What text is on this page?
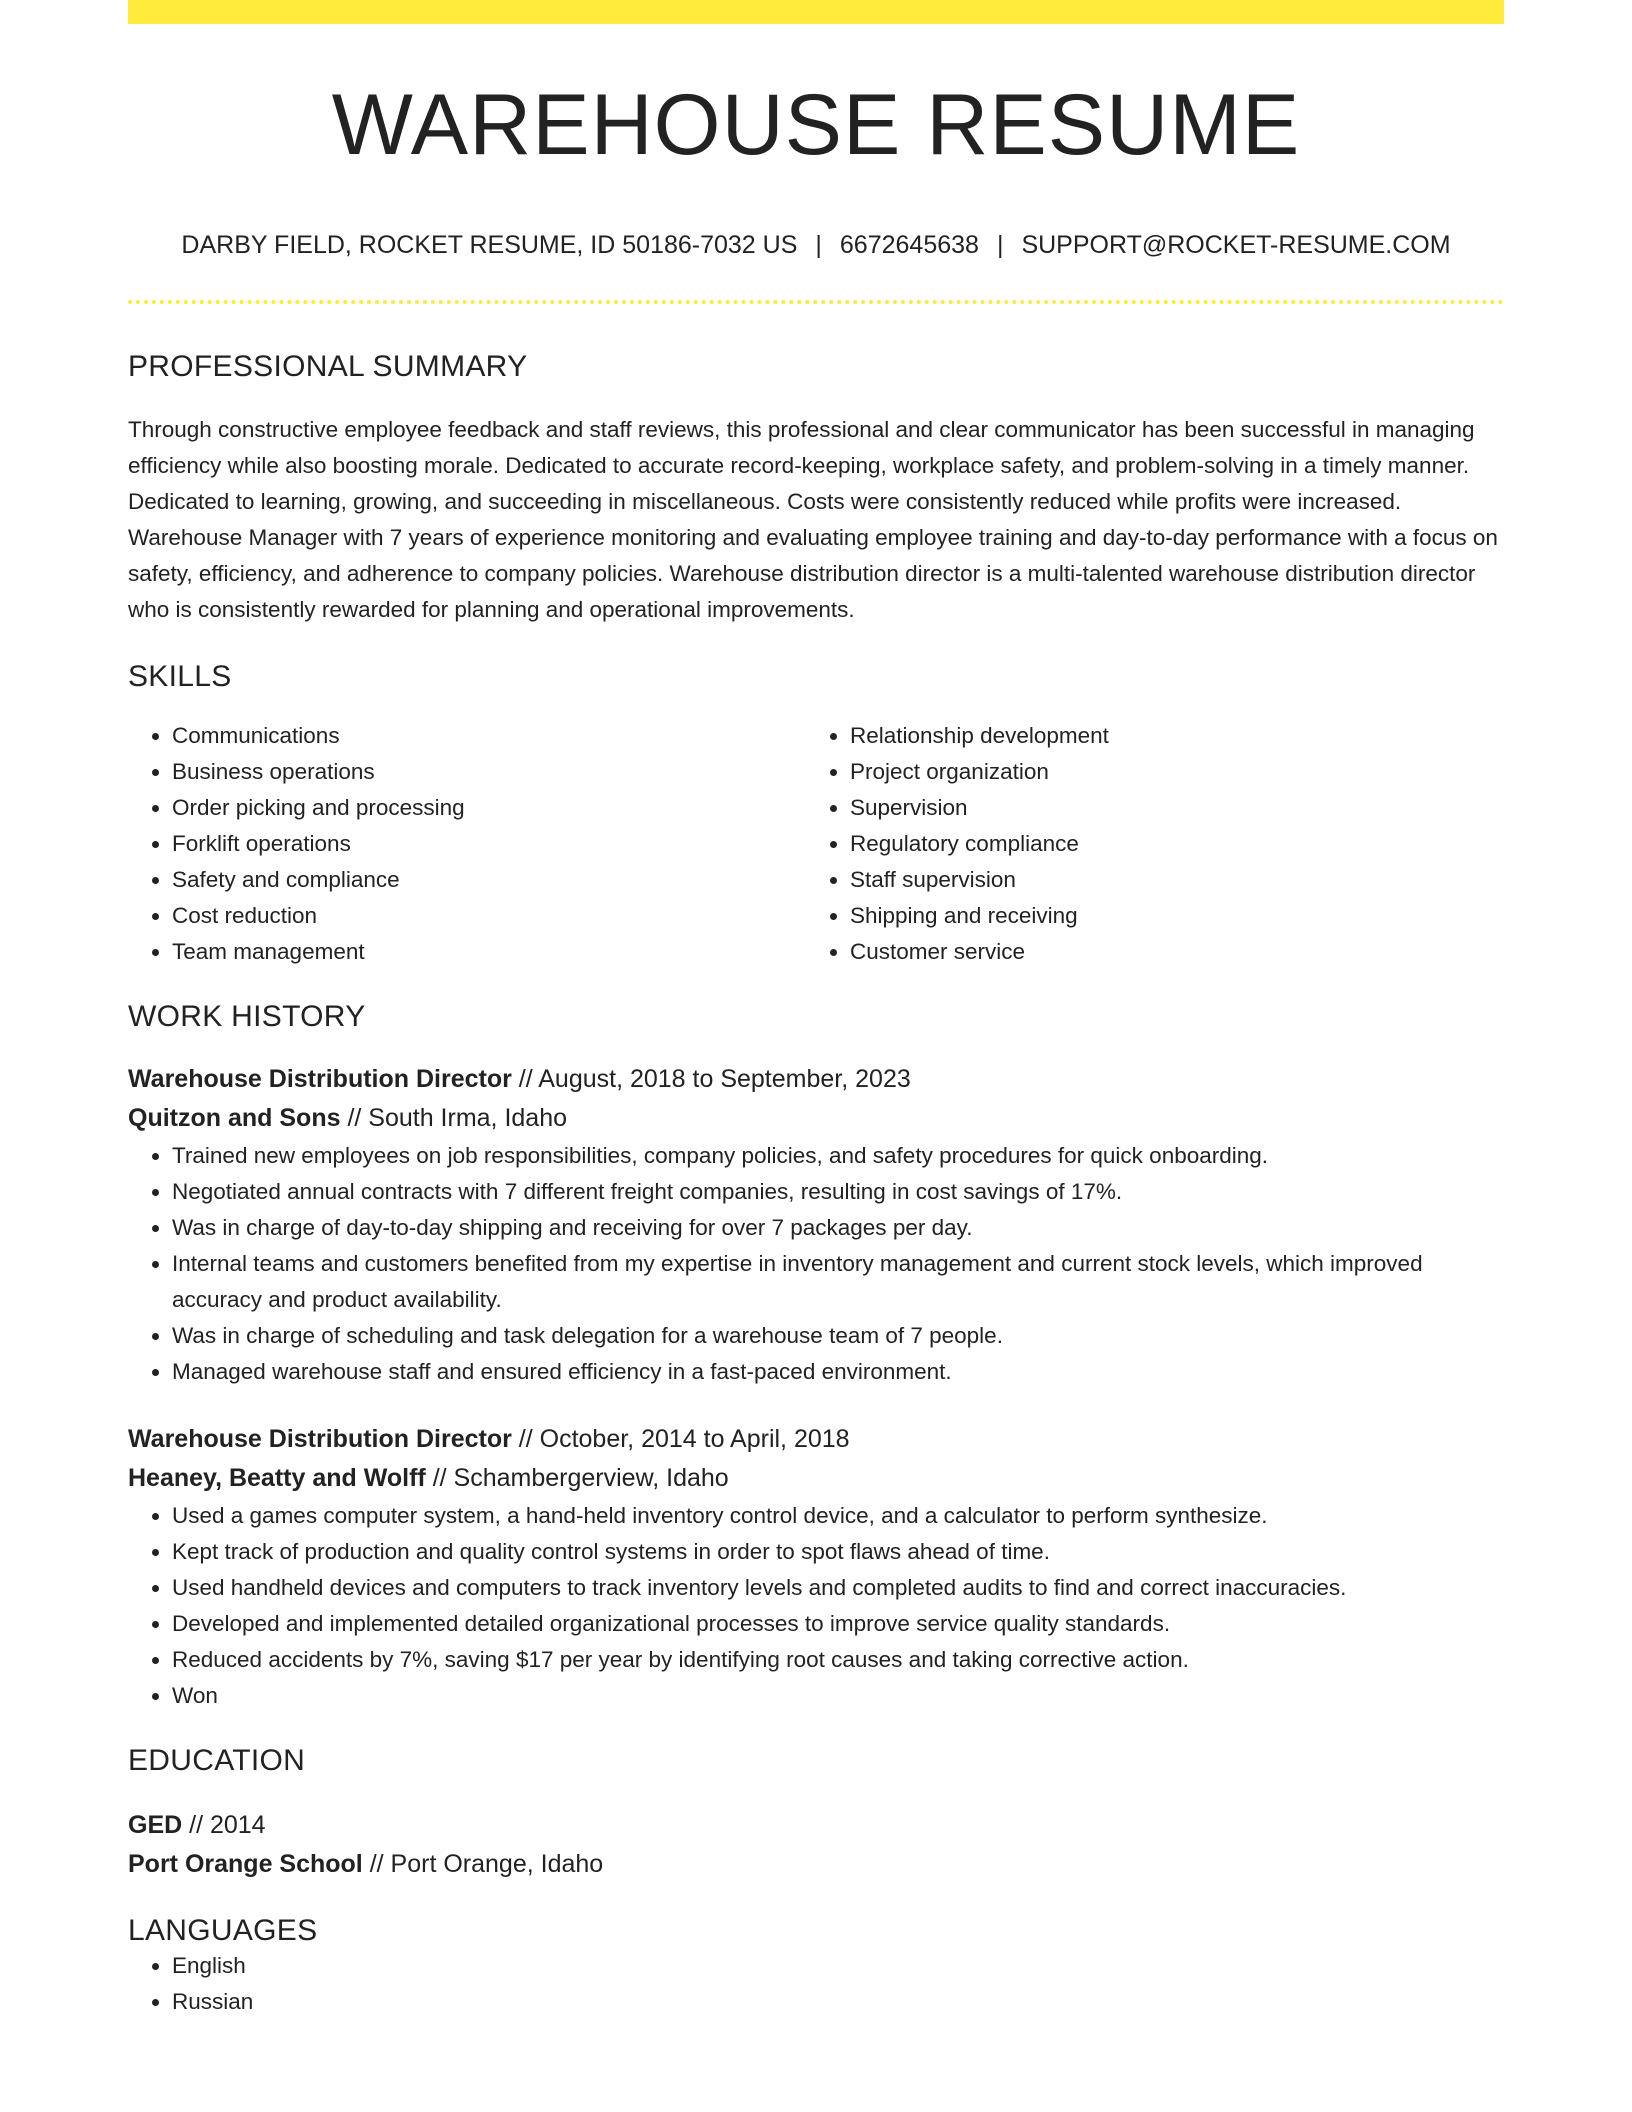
WAREHOUSE RESUME
DARBY FIELD, ROCKET RESUME, ID 50186-7032 US | 6672645638 | SUPPORT@ROCKET-RESUME.COM
PROFESSIONAL SUMMARY
Through constructive employee feedback and staff reviews, this professional and clear communicator has been successful in managing efficiency while also boosting morale. Dedicated to accurate record-keeping, workplace safety, and problem-solving in a timely manner. Dedicated to learning, growing, and succeeding in miscellaneous. Costs were consistently reduced while profits were increased. Warehouse Manager with 7 years of experience monitoring and evaluating employee training and day-to-day performance with a focus on safety, efficiency, and adherence to company policies. Warehouse distribution director is a multi-talented warehouse distribution director who is consistently rewarded for planning and operational improvements.
SKILLS
• Communications
• Business operations
• Order picking and processing
• Forklift operations
• Safety and compliance
• Cost reduction
• Team management
• Relationship development
• Project organization
• Supervision
• Regulatory compliance
• Staff supervision
• Shipping and receiving
• Customer service
WORK HISTORY
Warehouse Distribution Director // August, 2018 to September, 2023
Quitzon and Sons // South Irma, Idaho
• Trained new employees on job responsibilities, company policies, and safety procedures for quick onboarding.
• Negotiated annual contracts with 7 different freight companies, resulting in cost savings of 17%.
• Was in charge of day-to-day shipping and receiving for over 7 packages per day.
• Internal teams and customers benefited from my expertise in inventory management and current stock levels, which improved accuracy and product availability.
• Was in charge of scheduling and task delegation for a warehouse team of 7 people.
• Managed warehouse staff and ensured efficiency in a fast-paced environment.
Warehouse Distribution Director // October, 2014 to April, 2018
Heaney, Beatty and Wolff // Schambergerview, Idaho
• Used a games computer system, a hand-held inventory control device, and a calculator to perform synthesize.
• Kept track of production and quality control systems in order to spot flaws ahead of time.
• Used handheld devices and computers to track inventory levels and completed audits to find and correct inaccuracies.
• Developed and implemented detailed organizational processes to improve service quality standards.
• Reduced accidents by 7%, saving $17 per year by identifying root causes and taking corrective action.
• Won
EDUCATION
GED // 2014
Port Orange School // Port Orange, Idaho
LANGUAGES
• English
• Russian
